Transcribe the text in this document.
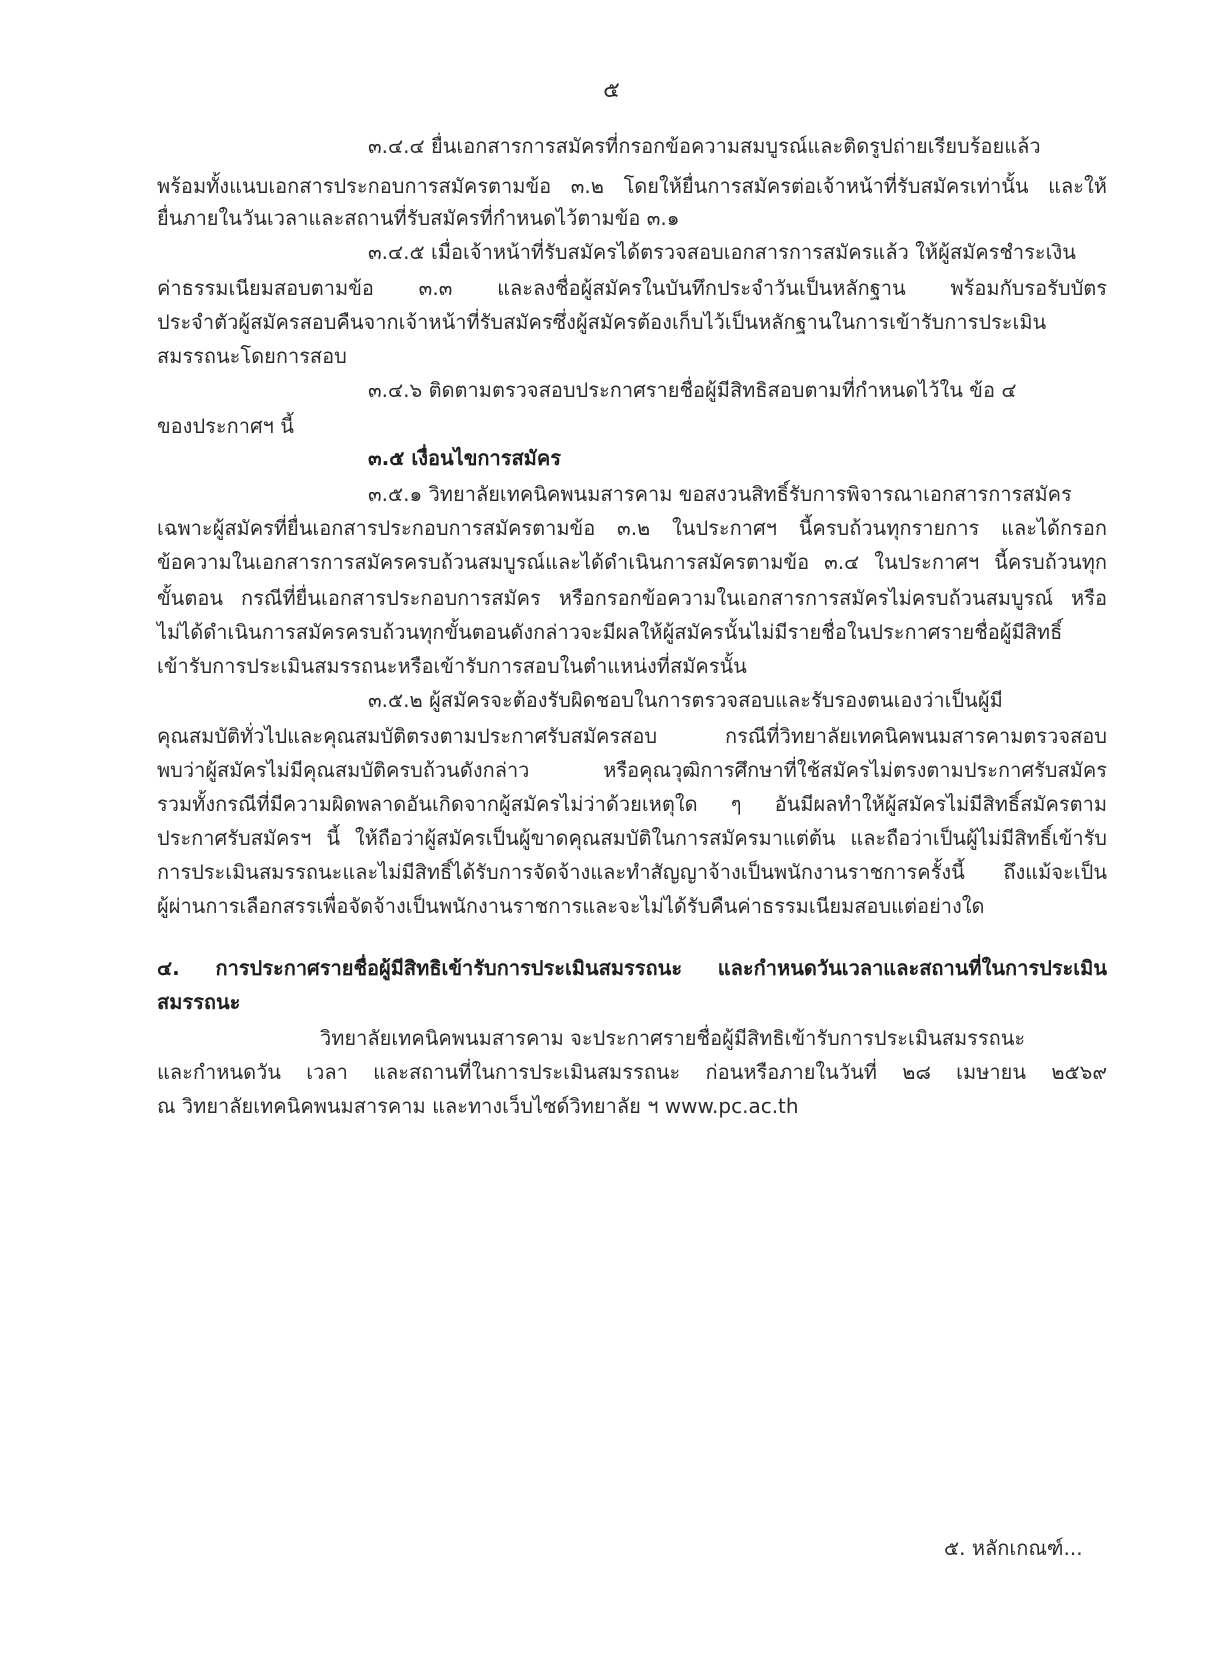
๕
๓.๔.๔ ยื่นเอกสารการสมัครที่กรอกข้อความสมบูรณ์และติดรูปถ่ายเรียบร้อยแล้ว
พร้อมทั้งแนบเอกสารประกอบการสมัครตามข้อ ๓.๒ โดยให้ยื่นการสมัครต่อเจ้าหน้าที่รับสมัครเท่านั้น และให้
ยื่นภายในวันเวลาและสถานที่รับสมัครที่กำหนดไว้ตามข้อ ๓.๑
๓.๔.๕ เมื่อเจ้าหน้าที่รับสมัครได้ตรวจสอบเอกสารการสมัครแล้ว ให้ผู้สมัครชำระเงิน
ค่าธรรมเนียมสอบตามข้อ ๓.๓ และลงชื่อผู้สมัครในบันทึกประจำวันเป็นหลักฐาน พร้อมกับรอรับบัตร
ประจำตัวผู้สมัครสอบคืนจากเจ้าหน้าที่รับสมัครซึ่งผู้สมัครต้องเก็บไว้เป็นหลักฐานในการเข้ารับการประเมิน
สมรรถนะโดยการสอบ
๓.๔.๖ ติดตามตรวจสอบประกาศรายชื่อผู้มีสิทธิสอบตามที่กำหนดไว้ใน ข้อ ๔
ของประกาศฯ นี้
๓.๕ เงื่อนไขการสมัคร
๓.๕.๑ วิทยาลัยเทคนิคพนมสารคาม ขอสงวนสิทธิ์รับการพิจารณาเอกสารการสมัคร
เฉพาะผู้สมัครที่ยื่นเอกสารประกอบการสมัครตามข้อ ๓.๒ ในประกาศฯ นี้ครบถ้วนทุกรายการ และได้กรอก
ข้อความในเอกสารการสมัครครบถ้วนสมบูรณ์และได้ดำเนินการสมัครตามข้อ ๓.๔ ในประกาศฯ นี้ครบถ้วนทุก
ขั้นตอน กรณีที่ยื่นเอกสารประกอบการสมัคร หรือกรอกข้อความในเอกสารการสมัครไม่ครบถ้วนสมบูรณ์ หรือ
ไม่ได้ดำเนินการสมัครครบถ้วนทุกขั้นตอนดังกล่าวจะมีผลให้ผู้สมัครนั้นไม่มีรายชื่อในประกาศรายชื่อผู้มีสิทธิ์
เข้ารับการประเมินสมรรถนะหรือเข้ารับการสอบในตำแหน่งที่สมัครนั้น
๓.๕.๒ ผู้สมัครจะต้องรับผิดชอบในการตรวจสอบและรับรองตนเองว่าเป็นผู้มี
คุณสมบัติทั่วไปและคุณสมบัติตรงตามประกาศรับสมัครสอบ กรณีที่วิทยาลัยเทคนิคพนมสารคามตรวจสอบ
พบว่าผู้สมัครไม่มีคุณสมบัติครบถ้วนดังกล่าว หรือคุณวุฒิการศึกษาที่ใช้สมัครไม่ตรงตามประกาศรับสมัคร
รวมทั้งกรณีที่มีความผิดพลาดอันเกิดจากผู้สมัครไม่ว่าด้วยเหตุใด ๆ อันมีผลทำให้ผู้สมัครไม่มีสิทธิ์สมัครตาม
ประกาศรับสมัครฯ นี้ ให้ถือว่าผู้สมัครเป็นผู้ขาดคุณสมบัติในการสมัครมาแต่ต้น และถือว่าเป็นผู้ไม่มีสิทธิ์เข้ารับ
การประเมินสมรรถนะและไม่มีสิทธิ์ได้รับการจัดจ้างและทำสัญญาจ้างเป็นพนักงานราชการครั้งนี้ ถึงแม้จะเป็น
ผู้ผ่านการเลือกสรรเพื่อจัดจ้างเป็นพนักงานราชการและจะไม่ได้รับคืนค่าธรรมเนียมสอบแต่อย่างใด
๔. การประกาศรายชื่อผู้มีสิทธิเข้ารับการประเมินสมรรถนะ และกำหนดวันเวลาและสถานที่ในการประเมิน
สมรรถนะ
วิทยาลัยเทคนิคพนมสารคาม จะประกาศรายชื่อผู้มีสิทธิเข้ารับการประเมินสมรรถนะ
และกำหนดวัน เวลา และสถานที่ในการประเมินสมรรถนะ ก่อนหรือภายในวันที่ ๒๘ เมษายน ๒๕๖๙
ณ วิทยาลัยเทคนิคพนมสารคาม และทางเว็บไซด์วิทยาลัย ฯ www.pc.ac.th
๕. หลักเกณฑ์...
